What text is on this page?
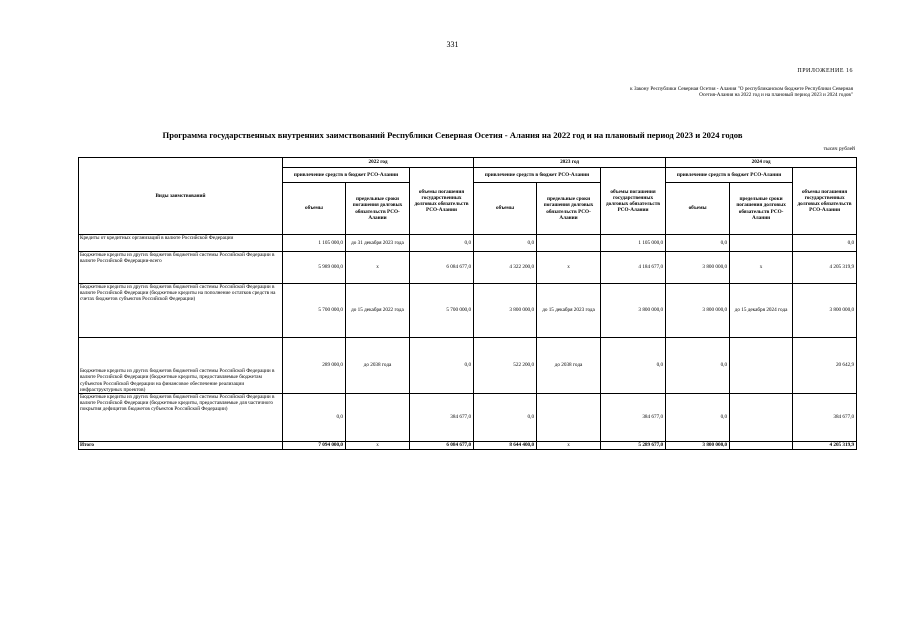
331
ПРИЛОЖЕНИЕ 16
к Закону Республики Северная Осетия - Алания "О республиканском бюджете Республики Северная Осетия-Алания на 2022 год и на плановый период 2023 и 2024 годов"
Программа государственных внутренних заимствований Республики Северная Осетия - Алания на 2022 год и на плановый период 2023 и 2024 годов
тысяч рублей
Виды заимствований	2022 год			2023 год			2024 год		
	привлечение средств в бюджет РСО-Алании		объемы погашения государственных долговых обязательств РСО-Алании	привлечение средств в бюджет РСО-Алании		объемы погашения государственных долговых обязательств РСО-Алании	привлечение средств в бюджет РСО-Алании		объемы погашения государственных долговых обязательств РСО-Алании
	объемы	предельные сроки погашения долговых обязательств РСО-Алании		объемы	предельные сроки погашения долговых обязательств РСО-Алании		объемы	предельные сроки погашения долговых обязательств РСО-Алании	
Кредиты от кредитных организаций в валюте Российской Федерации	1 105 000,0	до 31 декабря 2023 года	0,0	0,0		1 105 000,0	0,0		0,0
Бюджетные кредиты из других бюджетов бюджетной системы Российской Федерации в валюте Российской Федерации-всего	5 989 000,0	x	6 084 677,0	4 322 200,0	x	4 184 677,0	3 800 000,0	x	4 205 319,9
Бюджетные кредиты из других бюджетов бюджетной системы Российской Федерации в валюте Российской Федерации (бюджетные кредиты на пополнение остатков средств на счетах бюджетов субъектов Российской Федерации)	5 700 000,0	до 15 декабря 2022 года	5 700 000,0	3 800 000,0	до 15 декабря 2023 года	3 800 000,0	3 800 000,0	до 15 декабря 2024 года	3 800 000,0
Бюджетные кредиты из других бюджетов бюджетной системы Российской Федерации в валюте Российской Федерации (бюджетные кредиты, предоставляемые бюджетам субъектов Российской Федерации на финансовое обеспечение реализации инфраструктурных проектов)	289 000,0	до 2038 года	0,0	522 200,0	до 2038 года	0,0	0,0		20 642,9
Бюджетные кредиты из других бюджетов бюджетной системы Российской Федерации в валюте Российской Федерации (бюджетные кредиты, предоставляемые для частичного покрытия дефицитов бюджетов субъектов Российской Федерации)	0,0		384 677,0	0,0		384 677,0	0,0		384 677,0
Итого	7 094 000,0	x	6 084 677,0	8 644 400,0	x	5 289 677,0	3 800 000,0		4 205 319,9
